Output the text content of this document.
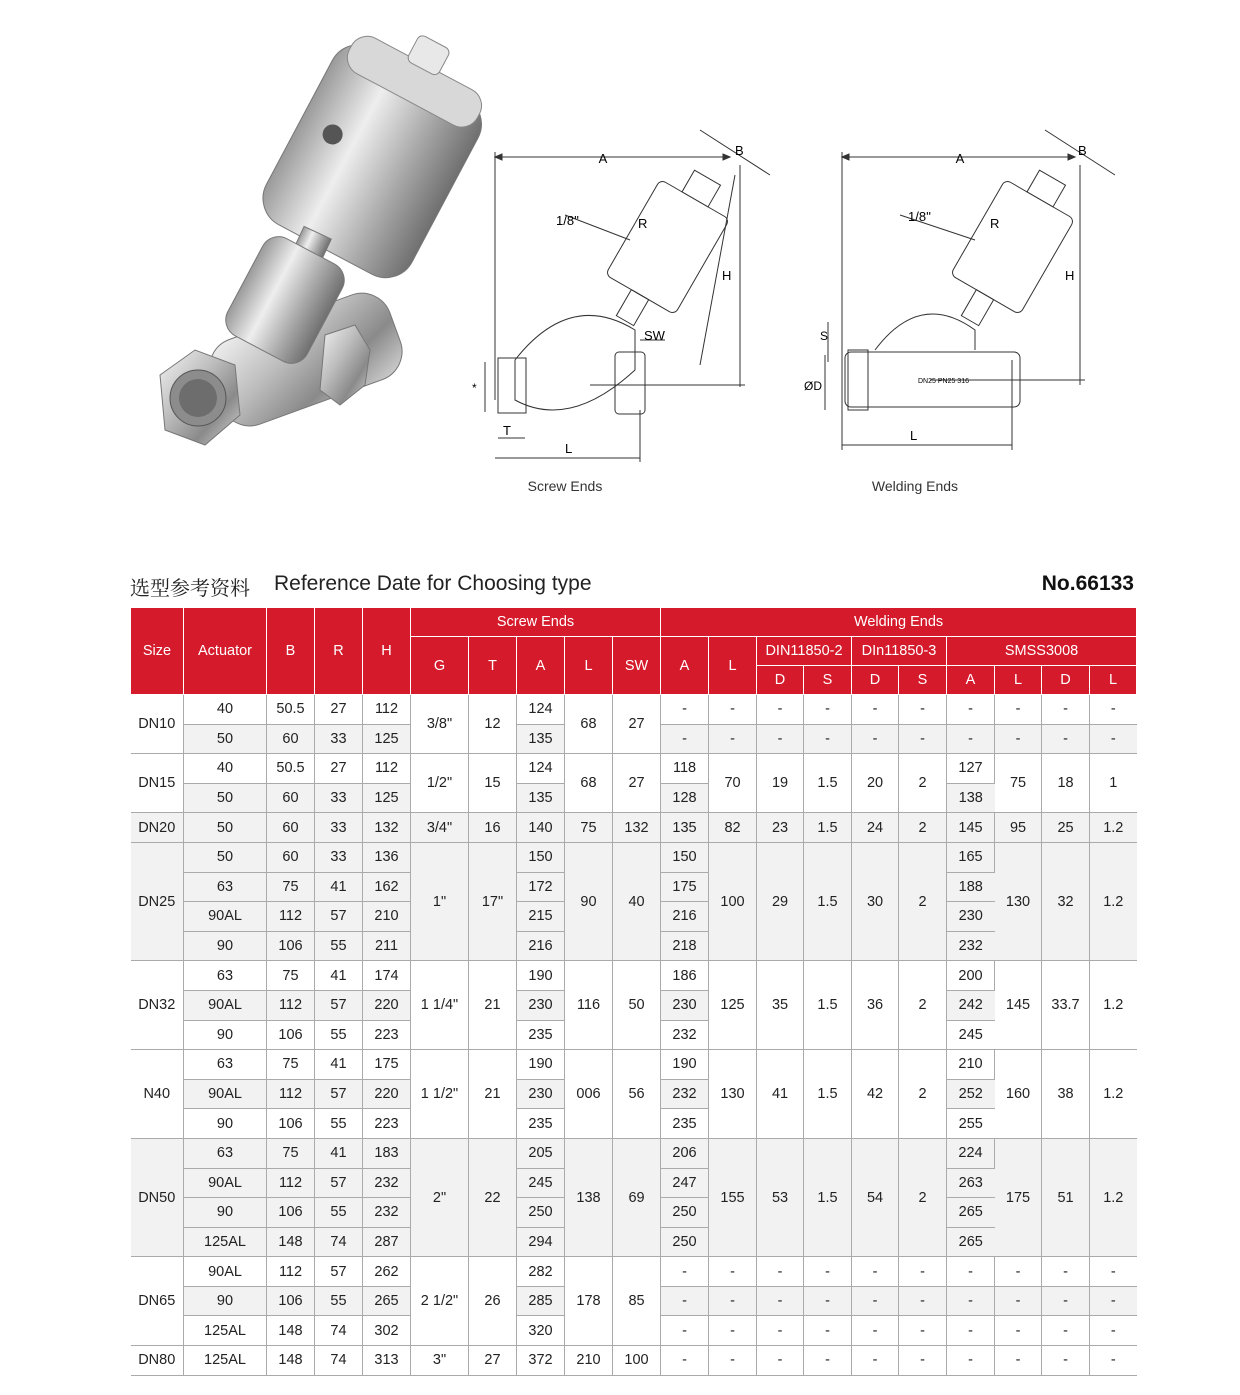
A
B
R
H
1/8''
SW
L
T
*
Screw Ends
A
B
R
H
1/8''
L
S
ØD	DN25 PN25 316
Welding Ends
选型参考资料 Reference Date for Choosing type	No.66133
Size	Actuator	B	R	H	Screw Ends					Welding Ends									
					G	T	A	L	SW	A	L	DIN11850-2		DIn11850-3		SMSS3008			
												D	S	D	S	A	L	D	L
DN10	40	50.5	27	112	3/8"	12	124	68	27	-	-	-	-	-	-	-	-	-	-
	50	60	33	125			135			-	-	-	-	-	-	-	-	-	-
DN15	40	50.5	27	112	1/2"	15	124	68	27	118	70	19	1.5	20	2	127	75	18	1
	50	60	33	125			135			128						138			
DN20	50	60	33	132	3/4"	16	140	75	132	135	82	23	1.5	24	2	145	95	25	1.2
DN25	50	60	33	136	1"	17"	150	90	40	150	100	29	1.5	30	2	165	130	32	1.2
	63	75	41	162			172			175						188			
	90AL	112	57	210			215			216						230			
	90	106	55	211			216			218						232			
DN32	63	75	41	174	1 1/4"	21	190	116	50	186	125	35	1.5	36	2	200	145	33.7	1.2
	90AL	112	57	220			230			230						242			
	90	106	55	223			235			232						245			
N40	63	75	41	175	1 1/2"	21	190	006	56	190	130	41	1.5	42	2	210	160	38	1.2
	90AL	112	57	220			230			232						252			
	90	106	55	223			235			235						255			
DN50	63	75	41	183	2"	22	205	138	69	206	155	53	1.5	54	2	224	175	51	1.2
	90AL	112	57	232			245			247						263			
	90	106	55	232			250			250						265			
	125AL	148	74	287			294			250						265			
DN65	90AL	112	57	262	2 1/2"	26	282	178	85	-	-	-	-	-	-	-	-	-	-
	90	106	55	265			285			-	-	-	-	-	-	-	-	-	-
	125AL	148	74	302			320			-	-	-	-	-	-	-	-	-	-
DN80	125AL	148	74	313	3"	27	372	210	100	-	-	-	-	-	-	-	-	-	-
